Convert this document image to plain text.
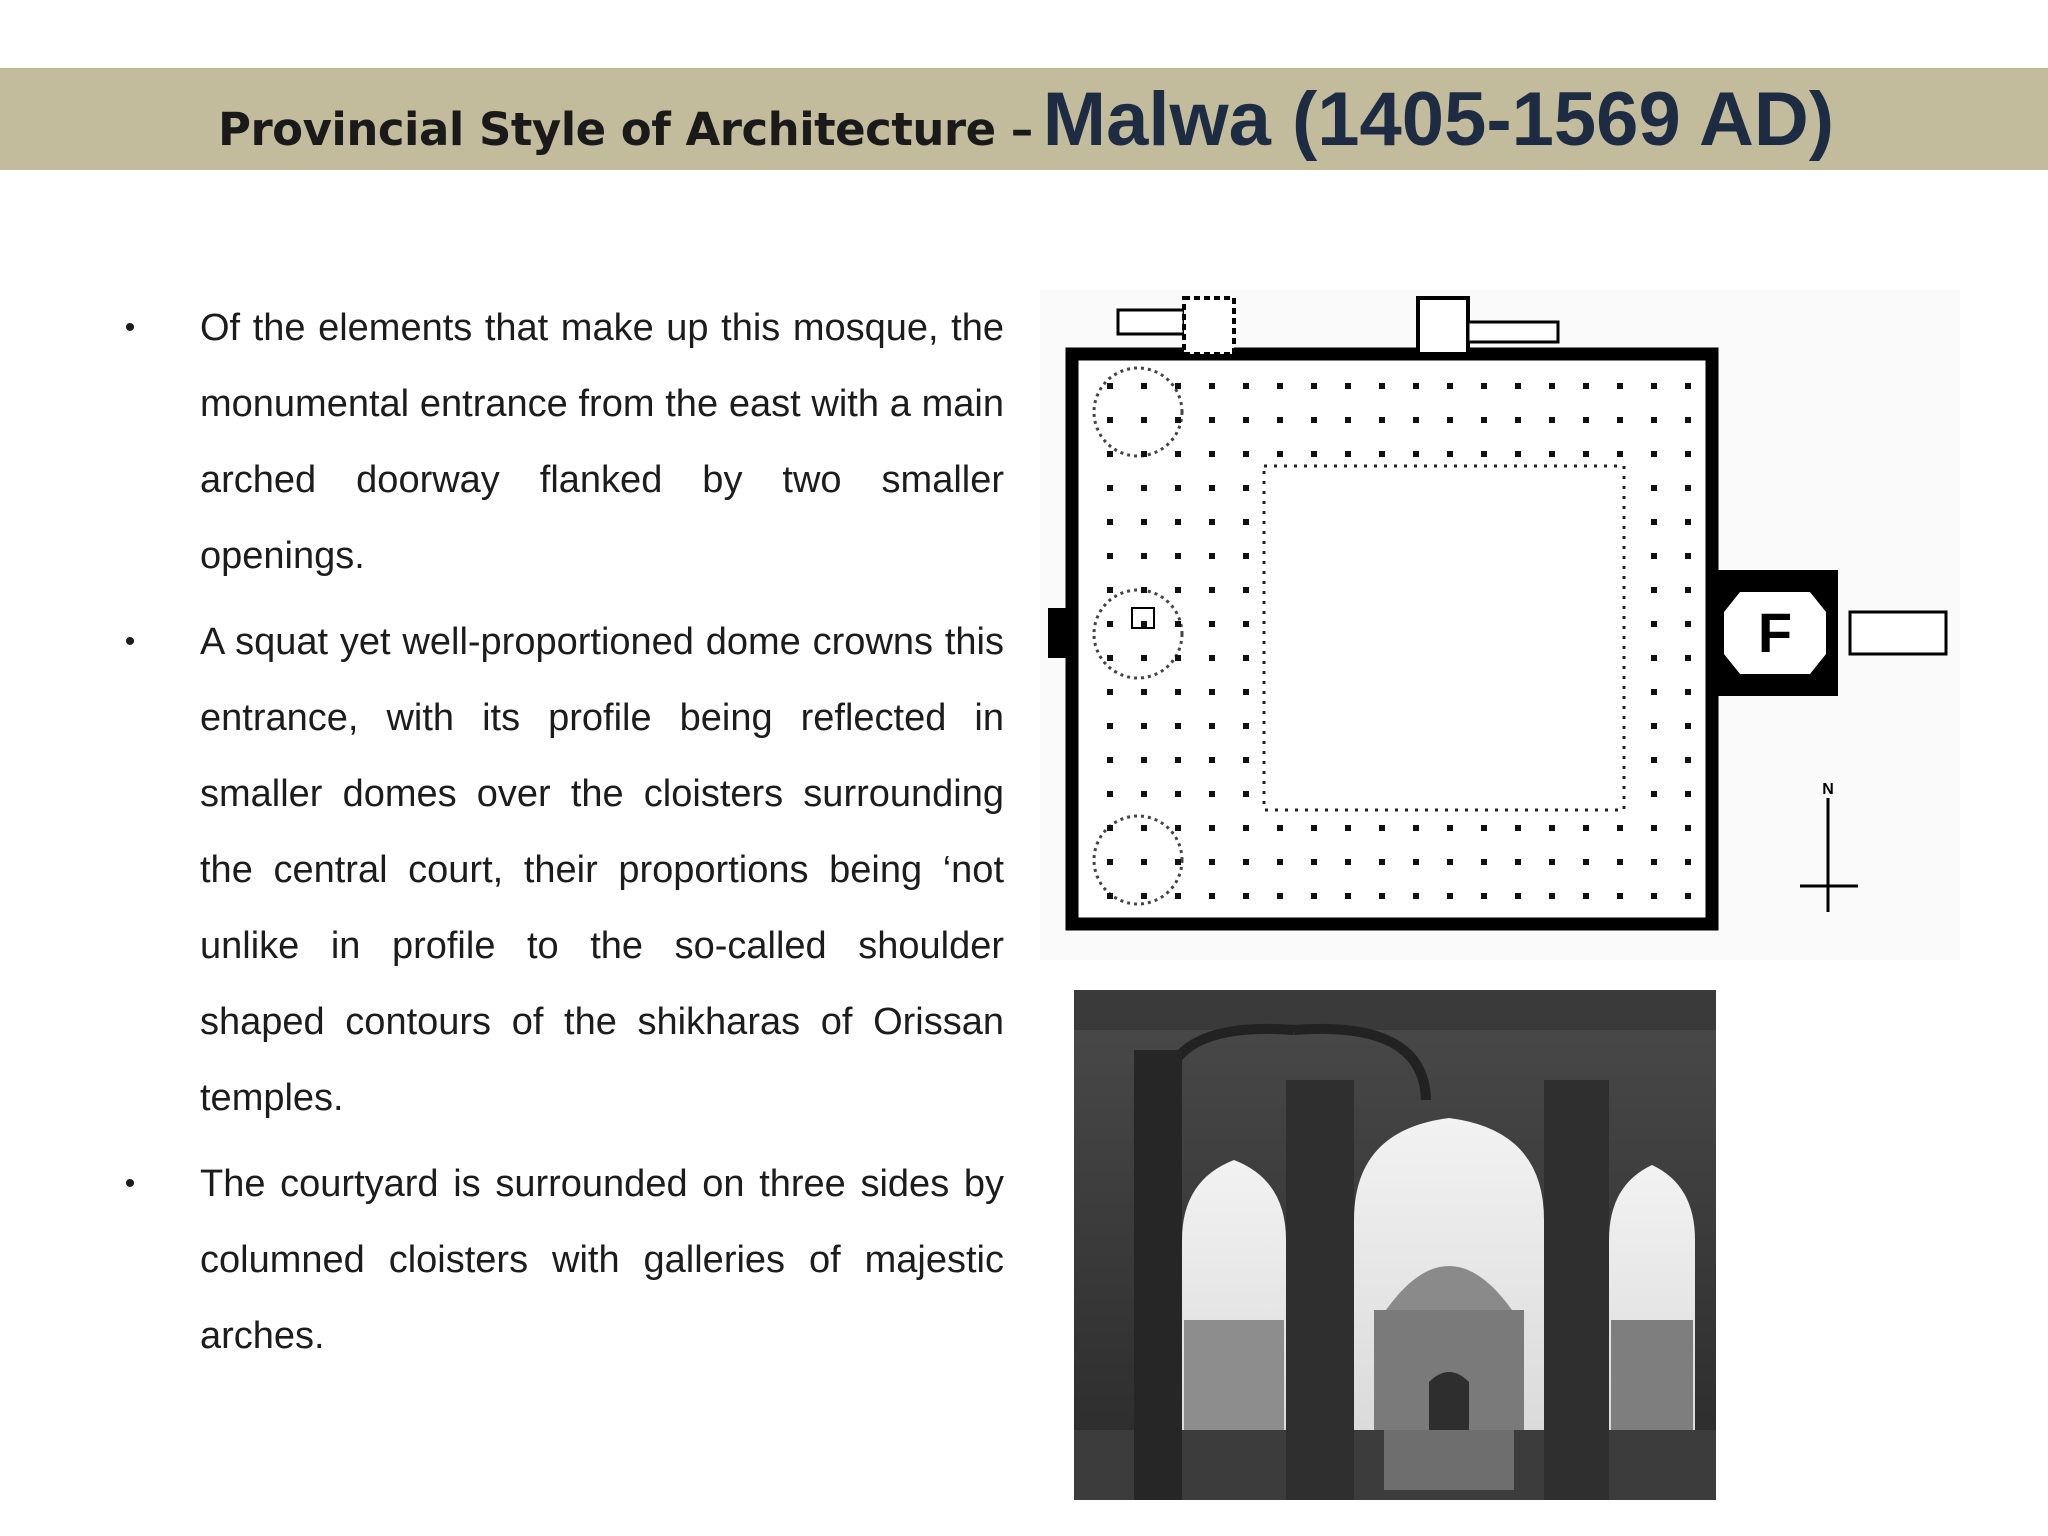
Provincial Style of Architecture – Malwa (1405-1569 AD)
• Of the elements that make up this mosque, the monumental entrance from the east with a main arched doorway flanked by two smaller openings.
• A squat yet well-proportioned dome crowns this entrance, with its profile being reflected in smaller domes over the cloisters surrounding the central court, their proportions being ‘not unlike in profile to the so-called shoulder shaped contours of the shikharas of Orissan temples.
• The courtyard is surrounded on three sides by columned cloisters with galleries of majestic arches.
F
N
